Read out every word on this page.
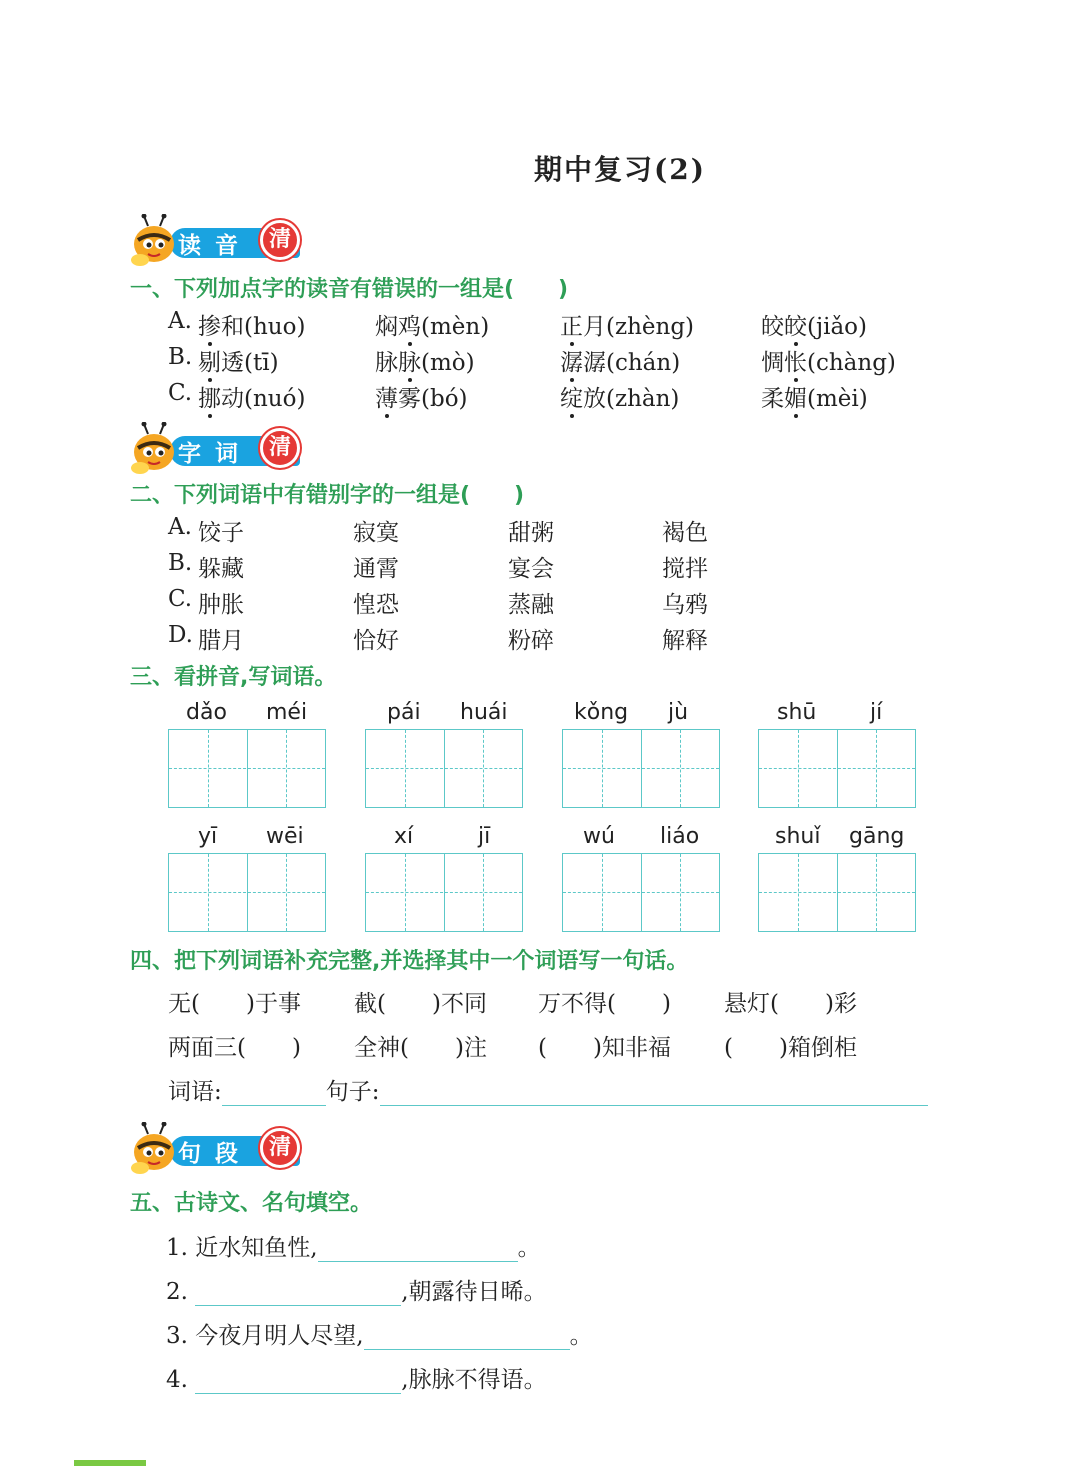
期中复习(2)
读音 清
一、下列加点字的读音有错误的一组是(　　)
A. 掺和(huo)	焖鸡(mèn)	正月(zhèng)	皎皎(jiǎo)
B. 剔透(tī)	脉脉(mò)	潺潺(chán)	惆怅(chàng)
C. 挪动(nuó)	薄雾(bó)	绽放(zhàn)	柔媚(mèi)
字词 清
二、下列词语中有错别字的一组是(　　)
A. 饺子	寂寞	甜粥	褐色
B. 躲藏	通霄	宴会	搅拌
C. 肿胀	惶恐	蒸融	乌鸦
D. 腊月	恰好	粉碎	解释
三、看拼音,写词语。
dǎo méi	pái huái	kǒng jù	shū jí
yī wēi	xí	jī	wú liáo	shuǐ gāng
四、把下列词语补充完整,并选择其中一个词语写一句话。
无(　　)于事 截(　　)不同 万不得(　　) 悬灯(　　)彩
两面三(　　) 全神(　　)注 (　　)知非福 (　　)箱倒柜
词语:	句子:
句段 清
五、古诗文、名句填空。
1. 近水知鱼性,	。
2.	,朝露待日晞。
3. 今夜月明人尽望,	。
4.	,脉脉不得语。
